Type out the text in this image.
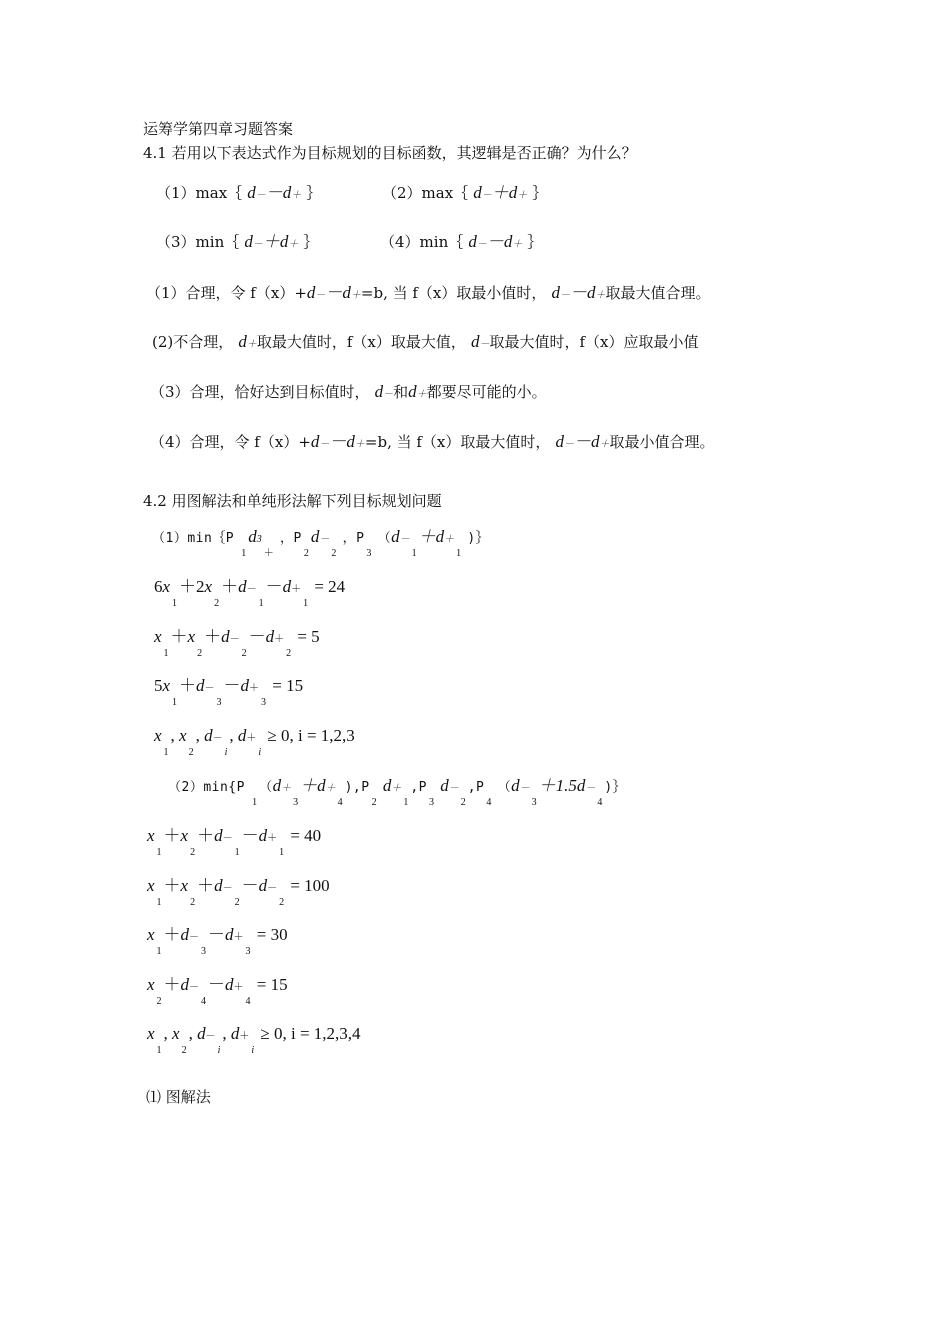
运筹学第四章习题答案
4.1 若用以下表达式作为目标规划的目标函数，其逻辑是否正确？为什么？
（1）max｛ d－－d＋ ｝	（2）max｛ d－＋d＋ ｝
（3）min｛ d－＋d＋ ｝	（4）min｛ d－－d＋ ｝
（1）合理，令 f（x）+d－－d＋=b, 当 f（x）取最小值时， d－－d＋取最大值合理。
(2)不合理， d＋取最大值时，f（x）取最大值， d－取最大值时，f（x）应取最小值
（3）合理，恰好达到目标值时， d－和d＋都要尽可能的小。
（4）合理，令 f（x）+d－－d＋=b, 当 f（x）取最大值时， d－－d＋取最小值合理。
4.2 用图解法和单纯形法解下列目标规划问题
（1）min｛P $_1d3_+$ ，$P_2d-_2$ ，$P_3$ （$d-_1+d+_1$ )｝
$6x_1+2x_2+d-_1-d+_1 = 24$
$x_1+x_2+d-_2-d+_2 = 5$
$5x_1+d-_3-d+_3 = 15$
$x_1$, $x_2$, $d-_i$, $d+_i \ge 0$, i = 1,2,3
（2）min{P $_1(d+_3+d+_4),P_2$ $d+_1,P_3$ $d-_2,P_4$ $(d-_3+1.5d-_4)\}$
$x_1+x_2+d-_1-d+_1 = 40$
$x_1+x_2+d-_2-d-_2 = 100$
$x_1+d-_3-d+_3 = 30$
$x_2+d-_4-d+_4 = 15$
$x_1$, $x_2$, $d-_i$, $d+_i \ge 0$, i = 1,2,3,4
⑴ 图解法
